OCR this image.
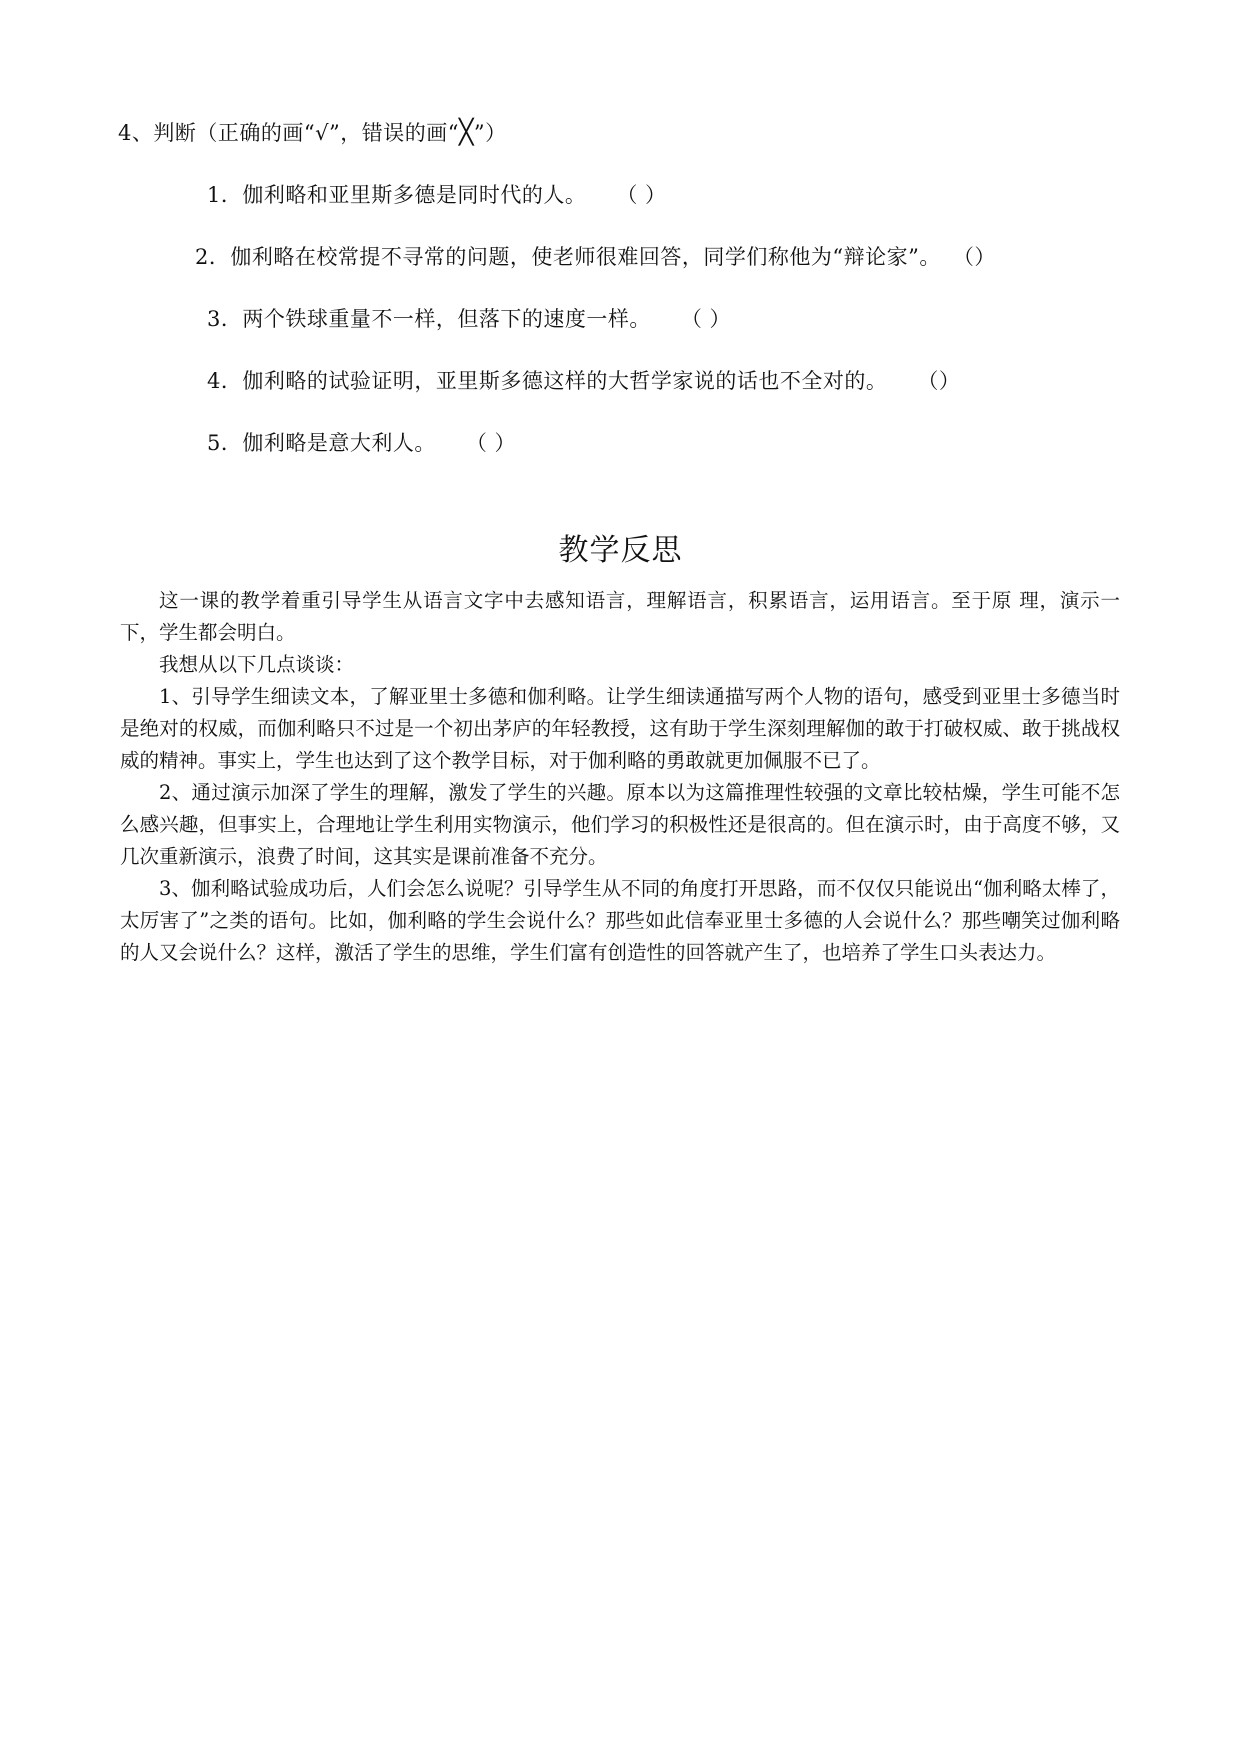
4、判断（正确的画“√”，错误的画“╳”）
1．伽利略和亚里斯多德是同时代的人。 （ ）
2．伽利略在校常提不寻常的问题，使老师很难回答，同学们称他为“辩论家”。 （）
3．两个铁球重量不一样，但落下的速度一样。 （ ）
4．伽利略的试验证明，亚里斯多德这样的大哲学家说的话也不全对的。 （）
5．伽利略是意大利人。 （ ）
教学反思

这一课的教学着重引导学生从语言文字中去感知语言，理解语言，积累语言，运用语言。至于原 理，演示一下，学生都会明白。

我想从以下几点谈谈：

1、引导学生细读文本，了解亚里士多德和伽利略。让学生细读通描写两个人物的语句，感受到亚里士多德当时是绝对的权威，而伽利略只不过是一个初出茅庐的年轻教授，这有助于学生深刻理解伽的敢于打破权威、敢于挑战权威的精神。事实上，学生也达到了这个教学目标，对于伽利略的勇敢就更加佩服不已了。

2、通过演示加深了学生的理解，激发了学生的兴趣。原本以为这篇推理性较强的文章比较枯燥，学生可能不怎么感兴趣，但事实上，合理地让学生利用实物演示，他们学习的积极性还是很高的。但在演示时，由于高度不够，又几次重新演示，浪费了时间，这其实是课前准备不充分。

3、伽利略试验成功后，人们会怎么说呢？引导学生从不同的角度打开思路，而不仅仅只能说出“伽利略太棒了，太厉害了”之类的语句。比如，伽利略的学生会说什么？那些如此信奉亚里士多德的人会说什么？那些嘲笑过伽利略的人又会说什么？这样，激活了学生的思维，学生们富有创造性的回答就产生了，也培养了学生口头表达力。
